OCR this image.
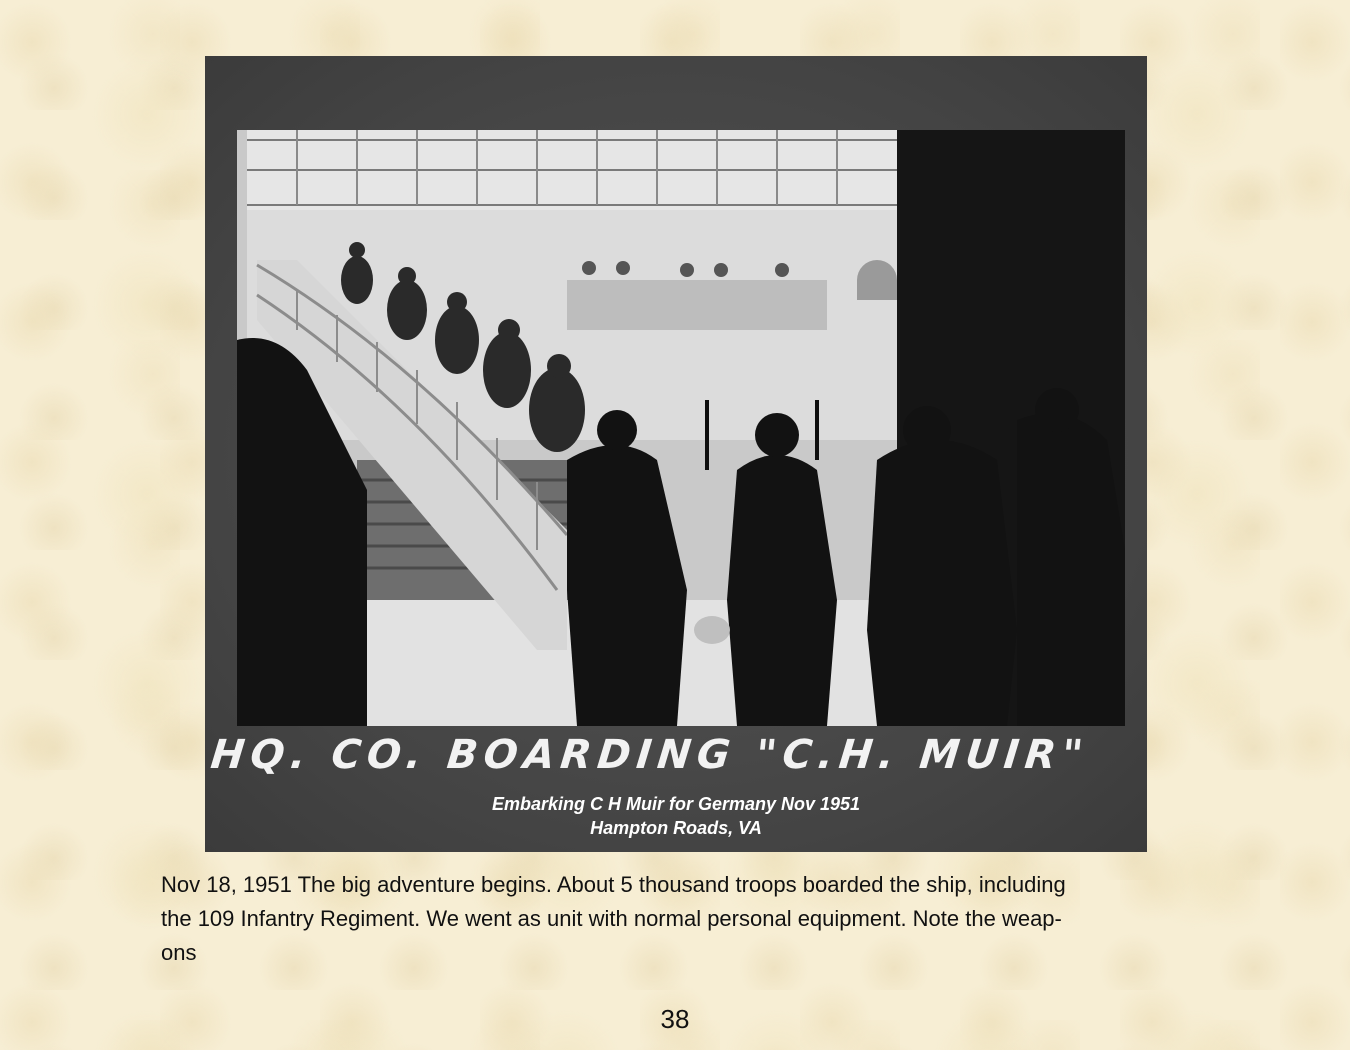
HQ. CO. BOARDING "C.H. MUIR"
Embarking C H Muir for Germany Nov 1951
Hampton Roads, VA
Nov 18, 1951 The big adventure begins. About 5 thousand troops boarded the ship, including
the 109 Infantry Regiment. We went as unit with normal personal equipment. Note the weap-
ons
38
